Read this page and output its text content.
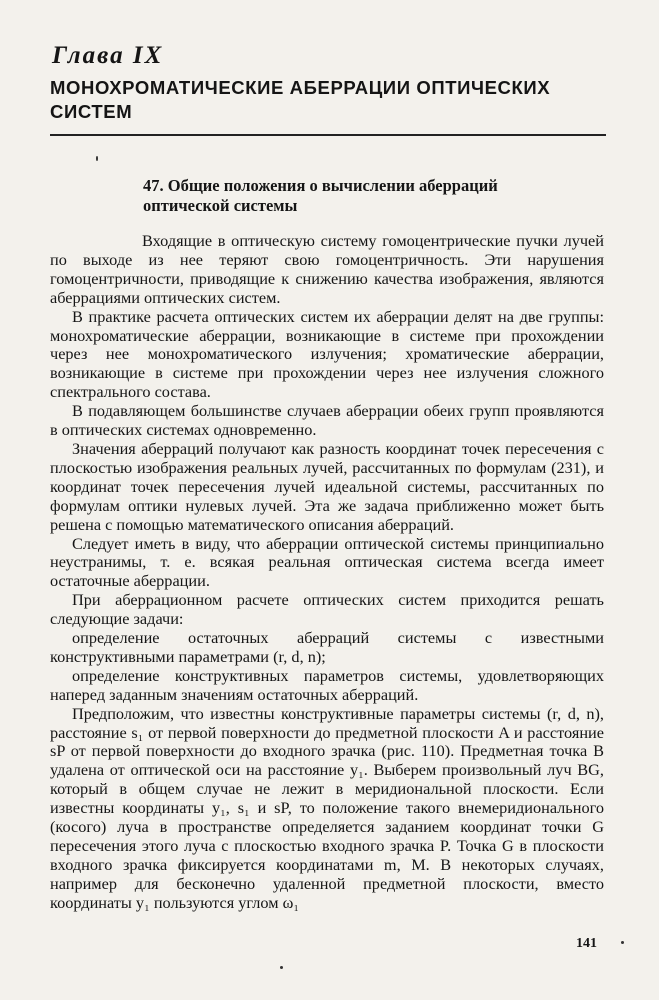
Глава IX
МОНОХРОМАТИЧЕСКИЕ АБЕРРАЦИИ ОПТИЧЕСКИХ СИСТЕМ
47. Общие положения о вычислении аберраций оптической системы

Входящие в оптическую систему гомоцентрические пучки лучей по выходе из нее теряют свою гомоцентричность. Эти нарушения гомоцентричности, приводящие к снижению качества изображения, являются аберрациями оптических систем.

В практике расчета оптических систем их аберрации делят на две группы: монохроматические аберрации, возникающие в системе при прохождении через нее монохроматического излучения; хроматические аберрации, возникающие в системе при прохождении через нее излучения сложного спектрального состава.

В подавляющем большинстве случаев аберрации обеих групп проявляются в оптических системах одновременно.

Значения аберраций получают как разность координат точек пересечения с плоскостью изображения реальных лучей, рассчитанных по формулам (231), и координат точек пересечения лучей идеальной системы, рассчитанных по формулам оптики нулевых лучей. Эта же задача приближенно может быть решена с помощью математического описания аберраций.

Следует иметь в виду, что аберрации оптической системы принципиально неустранимы, т. е. всякая реальная оптическая система всегда имеет остаточные аберрации.

При аберрационном расчете оптических систем приходится решать следующие задачи:

определение остаточных аберраций системы с известными конструктивными параметрами (r, d, n);

определение конструктивных параметров системы, удовлетворяющих наперед заданным значениям остаточных аберраций.

Предположим, что известны конструктивные параметры системы (r, d, n), расстояние s₁ от первой поверхности до предметной плоскости A и расстояние sP от первой поверхности до входного зрачка (рис. 110). Предметная точка B удалена от оптической оси на расстояние y₁. Выберем произвольный луч BG, который в общем случае не лежит в меридиональной плоскости. Если известны координаты y₁, s₁ и sP, то положение такого внемеридионального (косого) луча в пространстве определяется заданием координат точки G пересечения этого луча с плоскостью входного зрачка P. Точка G в плоскости входного зрачка фиксируется координатами m, M. В некоторых случаях, например для бесконечно удаленной предметной плоскости, вместо координаты y₁ пользуются углом ω₁

141
